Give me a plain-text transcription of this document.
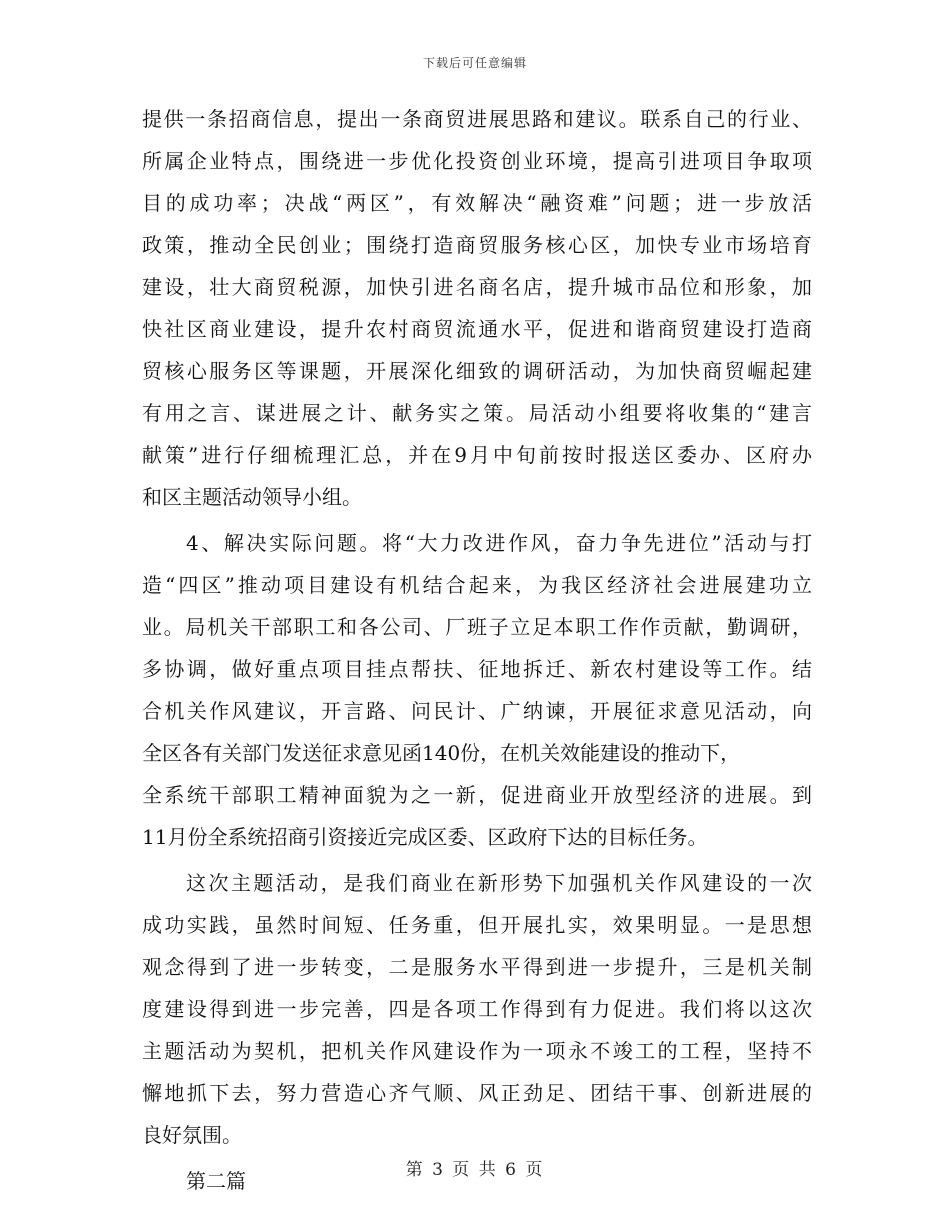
下载后可任意编辑
提供一条招商信息，提出一条商贸进展思路和建议。联系自己的行业、
所属企业特点，围绕进一步优化投资创业环境，提高引进项目争取项
目的成功率；决战“两区”，有效解决“融资难”问题；进一步放活
政策，推动全民创业；围绕打造商贸服务核心区，加快专业市场培育
建设，壮大商贸税源，加快引进名商名店，提升城市品位和形象，加
快社区商业建设，提升农村商贸流通水平，促进和谐商贸建设打造商
贸核心服务区等课题，开展深化细致的调研活动，为加快商贸崛起建
有用之言、谋进展之计、献务实之策。局活动小组要将收集的“建言
献策”进行仔细梳理汇总，并在9月中旬前按时报送区委办、区府办
和区主题活动领导小组。
4、解决实际问题。将“大力改进作风，奋力争先进位”活动与打
造“四区”推动项目建设有机结合起来，为我区经济社会进展建功立
业。局机关干部职工和各公司、厂班子立足本职工作作贡献，勤调研，
多协调，做好重点项目挂点帮扶、征地拆迁、新农村建设等工作。结
合机关作风建议，开言路、问民计、广纳谏，开展征求意见活动，向
全区各有关部门发送征求意见函140份，在机关效能建设的推动下，
全系统干部职工精神面貌为之一新，促进商业开放型经济的进展。到
11月份全系统招商引资接近完成区委、区政府下达的目标任务。
这次主题活动，是我们商业在新形势下加强机关作风建设的一次
成功实践，虽然时间短、任务重，但开展扎实，效果明显。一是思想
观念得到了进一步转变，二是服务水平得到进一步提升，三是机关制
度建设得到进一步完善，四是各项工作得到有力促进。我们将以这次
主题活动为契机，把机关作风建设作为一项永不竣工的工程，坚持不
懈地抓下去，努力营造心齐气顺、风正劲足、团结干事、创新进展的
良好氛围。
第二篇	第 3 页 共 6 页
